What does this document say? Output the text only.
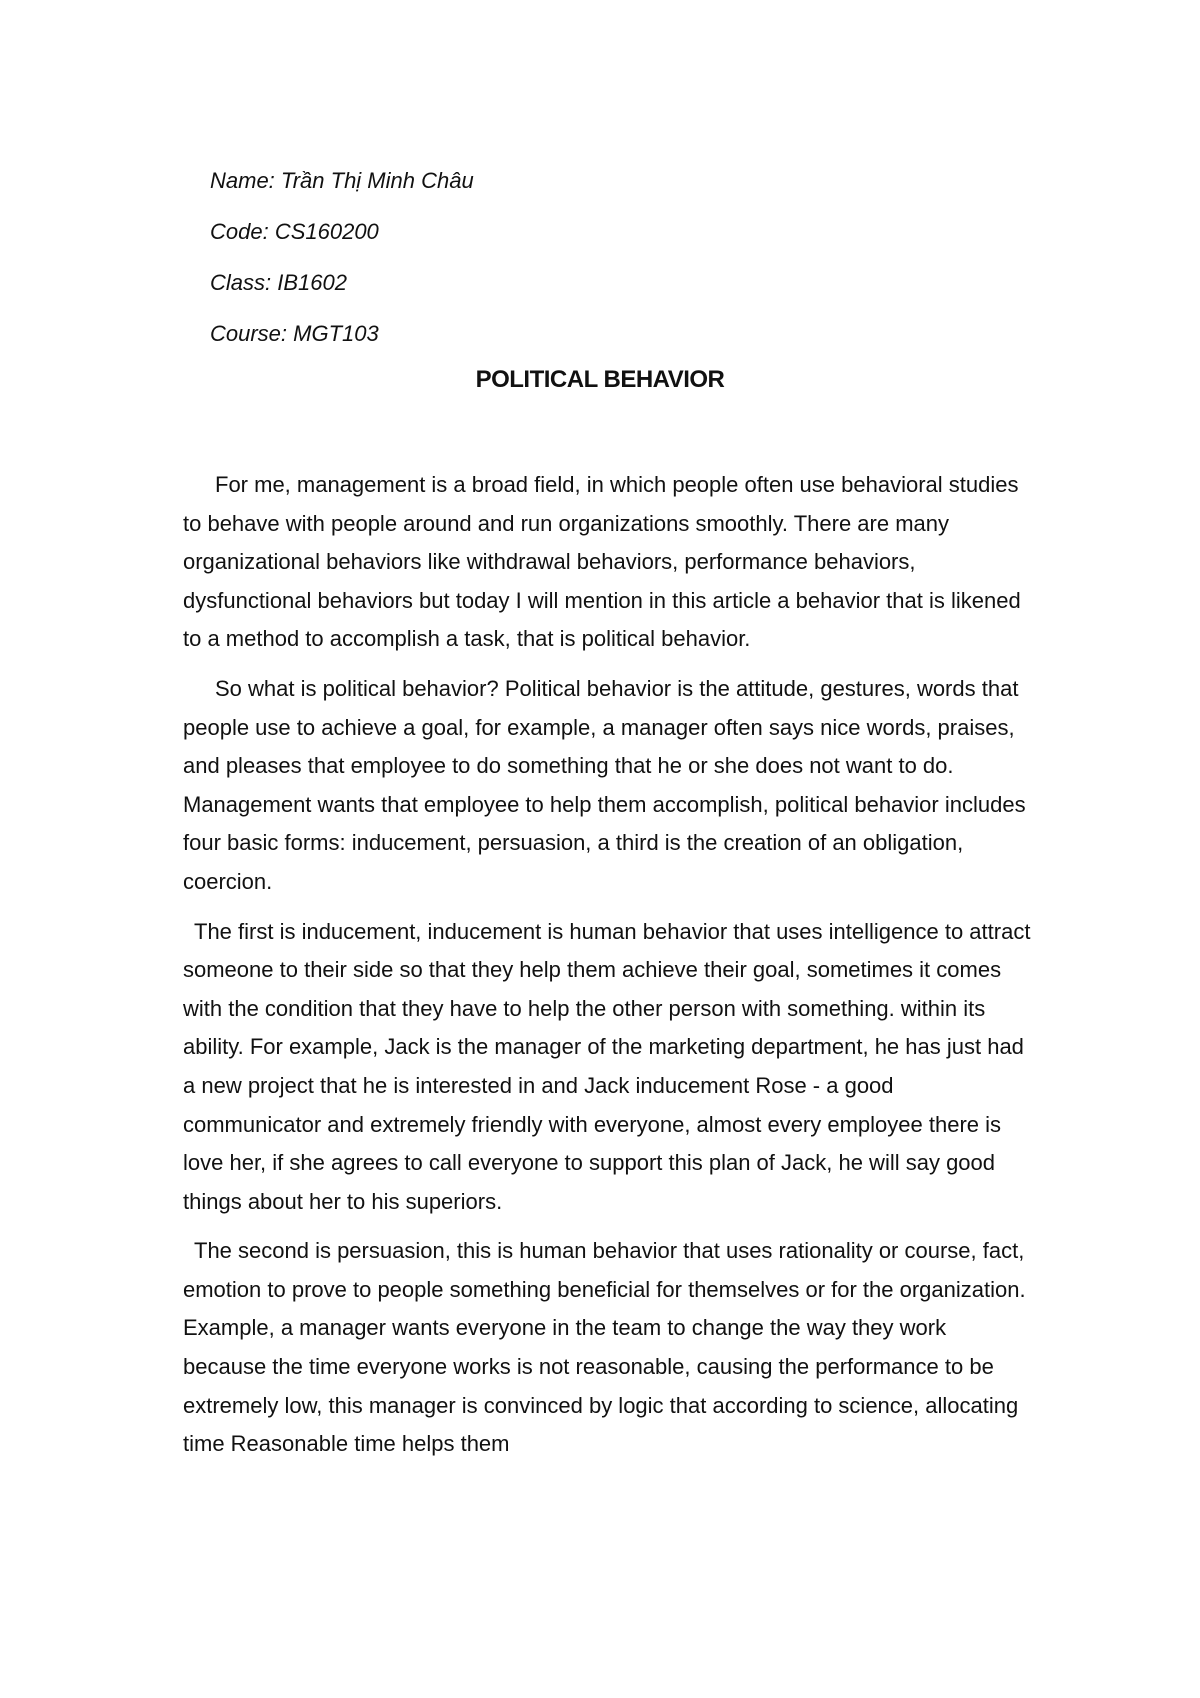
Name: Trần Thị Minh Châu
Code: CS160200
Class: IB1602
Course: MGT103
POLITICAL BEHAVIOR

For me, management is a broad field, in which people often use behavioral studies to behave with people around and run organizations smoothly. There are many organizational behaviors like withdrawal behaviors, performance behaviors, dysfunctional behaviors but today I will mention in this article a behavior that is likened to a method to accomplish a task, that is political behavior.

So what is political behavior? Political behavior is the attitude, gestures, words that people use to achieve a goal, for example, a manager often says nice words, praises, and pleases that employee to do something that he or she does not want to do. Management wants that employee to help them accomplish, political behavior includes four basic forms: inducement, persuasion, a third is the creation of an obligation, coercion.

The first is inducement, inducement is human behavior that uses intelligence to attract someone to their side so that they help them achieve their goal, sometimes it comes with the condition that they have to help the other person with something. within its ability. For example, Jack is the manager of the marketing department, he has just had a new project that he is interested in and Jack inducement Rose - a good communicator and extremely friendly with everyone, almost every employee there is love her, if she agrees to call everyone to support this plan of Jack, he will say good things about her to his superiors.

The second is persuasion, this is human behavior that uses rationality or course, fact, emotion to prove to people something beneficial for themselves or for the organization. Example, a manager wants everyone in the team to change the way they work because the time everyone works is not reasonable, causing the performance to be extremely low, this manager is convinced by logic that according to science, allocating time Reasonable time helps them
